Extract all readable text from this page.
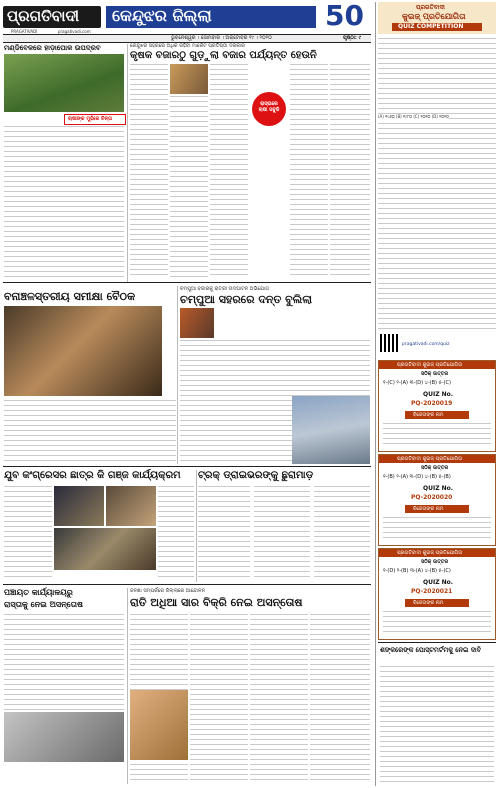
ପ୍ରଗତିବାଦୀ
PRAGATIVADI	pragativadi.com
କେନ୍ଦୁଝର ଜିଲ୍ଲା	50
ଭୁବନେଶ୍ୱର । ସୋମବାର । ଅକ୍ଟୋବର ୧୯ । ୨୦୨୦	ପୃଷ୍ଠା: ୯
ମଣ୍ଡିବେଳରେ ହାଡ଼ାପୋକ ଉପଦ୍ରବ
ଚାଷୀଙ୍କ ମୁହଁରେ ଚିନ୍ତା
କେନ୍ଦୁଝର ସହରରେ ଅଧିକ ରହିବା ମାର୍କେଟ ପ୍ରତିଷ୍ଠା ଦରକାର
କୃଷକ ବଜାରଠୁ ଗୁଡ଼ୁଲା ବଜାର ପର୍ଯ୍ୟନ୍ତ ହେଉନି
ରାସ୍ତାରେ ଚାଷୀ ସବୁଜି
ବନାଞ୍ଚଳସ୍ତରୀୟ ସମୀକ୍ଷା ବୈଠକ
ଚମ୍ପୁଆ ବଜାରକୁ ରାତ୍ରୀ ଉଦଘାଟନ ଅଭିଯୋଗ
ଚମ୍ପୁଆ ସହରରେ ଦନ୍ତ ବୁଲିଲା
ଯୁବ କଂଗ୍ରେସର ଛାତ୍ର କି ଗଞ୍ଜ କାର୍ଯ୍ୟକ୍ରମ	ଟ୍ରକ୍ ଡ୍ରାଇଭରଙ୍କୁ ଛୁରାମାଡ଼
ପଞ୍ଚାୟତ କାର୍ଯ୍ୟାଳୟରୁ
ରାସ୍ତାକୁ ନେଇ ଅସନ୍ତୋଷ
ଜନଶା ସମ୍ପର୍କରେ ଜିଲ୍ଲାରେ ଆନ୍ଦୋଳନ
ରାତି ଅଧିଆ ସାର ବିକ୍ରି ନେଇ ଅସନ୍ତୋଷ
ପ୍ରଗତିବାଦୀ
କୁଇଜ୍ ପ୍ରତିଯୋଗିତା
QUIZ COMPETITION
(A) ୧୯୬୦ (B) ୧୯୮୦ (C) ୨୦୧୦ (D) ୨୦୨୦
pragativadi.com/quiz
ପ୍ରଗତିବାଦୀ କୁଇଜ୍ ପ୍ରତିଯୋଗିତା
ସଠିକ୍ ଉତ୍ତର
୧-(C) ୨-(A) ୩-(D) ୪-(B) ୫-(C)
QUIZ No.
PQ-2020019
ବିଜେତାଙ୍କ ନାମ
ପ୍ରଗତିବାଦୀ କୁଇଜ୍ ପ୍ରତିଯୋଗିତା
ସଠିକ୍ ଉତ୍ତର
୧-(B) ୨-(A) ୩-(D) ୪-(B) ୫-(B)
QUIZ No.
PQ-2020020
ବିଜେତାଙ୍କ ନାମ
ପ୍ରଗତିବାଦୀ କୁଇଜ୍ ପ୍ରତିଯୋଗିତା
ସଠିକ୍ ଉତ୍ତର
୧-(D) ୨-(B) ୩-(A) ୪-(B) ୫-(C)
QUIZ No.
PQ-2020021
ବିଜେତାଙ୍କ ନାମ
ଶଙ୍କରେଙ୍କ ପୋସ୍ଟମର୍ଟମକୁ ନେଇ ଦାବି
